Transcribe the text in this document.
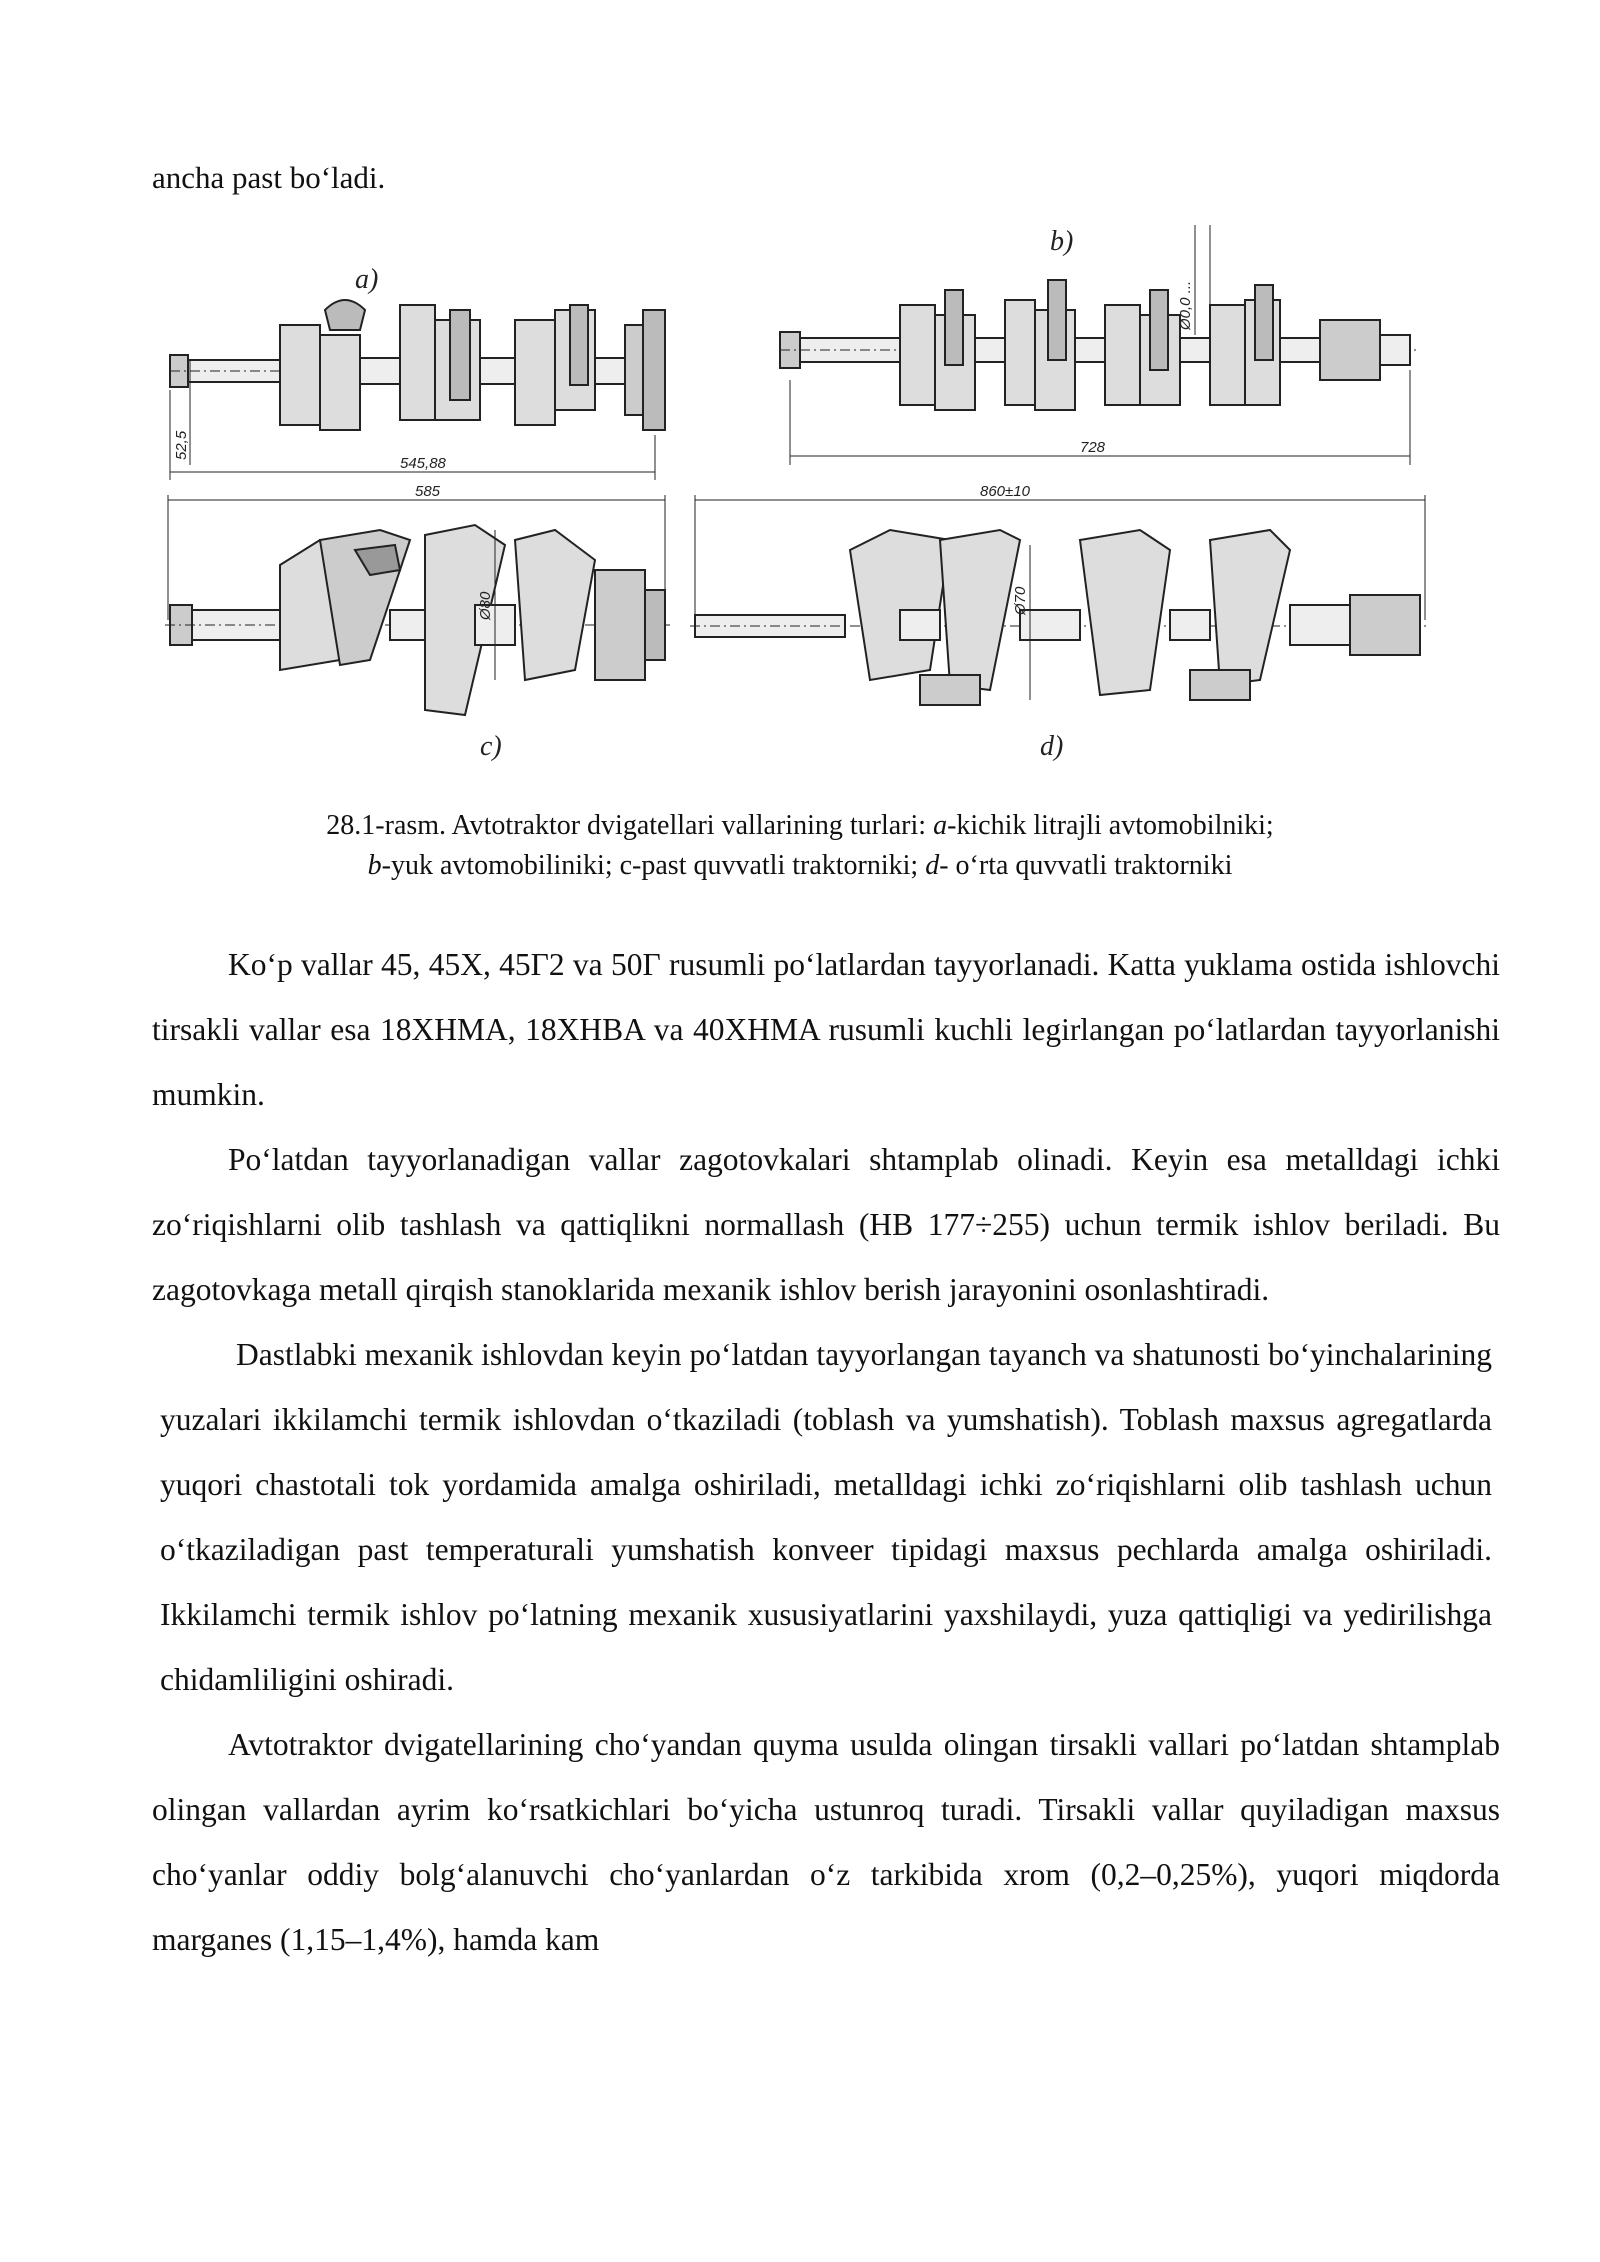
ancha past bo‘ladi.
a)
b)
c)	d)
545,88
52,5	728
Ø0,0 ...
585
Ø80
860±10
Ø70

28.1-rasm. Avtotraktor dvigatellari vallarining turlari: a-kichik litrajli avtomobilniki;

b-yuk avtomobiliniki; c-past quvvatli traktorniki; d- o‘rta quvvatli traktorniki

Ko‘p vallar 45, 45X, 45Г2 va 50Г rusumli po‘latlardan tayyorlanadi. Katta yuklama ostida ishlovchi tirsakli vallar esa 18XHMA, 18XHBA va 40XHMA rusumli kuchli legirlangan po‘latlardan tayyorlanishi mumkin.

Po‘latdan tayyorlanadigan vallar zagotovkalari shtamplab olinadi. Keyin esa metalldagi ichki zo‘riqishlarni olib tashlash va qattiqlikni normallash (HB 177÷255) uchun termik ishlov beriladi. Bu zagotovkaga metall qirqish stanoklarida mexanik ishlov berish jarayonini osonlashtiradi.

Dastlabki mexanik ishlovdan keyin po‘latdan tayyorlangan tayanch va shatunosti bo‘yinchalarining yuzalari ikkilamchi termik ishlovdan o‘tkaziladi (toblash va yumshatish). Toblash maxsus agregatlarda yuqori chastotali tok yordamida amalga oshiriladi, metalldagi ichki zo‘riqishlarni olib tashlash uchun o‘tkaziladigan past temperaturali yumshatish konveer tipidagi maxsus pechlarda amalga oshiriladi. Ikkilamchi termik ishlov po‘latning mexanik xususiyatlarini yaxshilaydi, yuza qattiqligi va yedirilishga chidamliligini oshiradi.

Avtotraktor dvigatellarining cho‘yandan quyma usulda olingan tirsakli vallari po‘latdan shtamplab olingan vallardan ayrim ko‘rsatkichlari bo‘yicha ustunroq turadi. Tirsakli vallar quyiladigan maxsus cho‘yanlar oddiy bolg‘alanuvchi cho‘yanlardan o‘z tarkibida xrom (0,2–0,25%), yuqori miqdorda marganes (1,15–1,4%), hamda kam
